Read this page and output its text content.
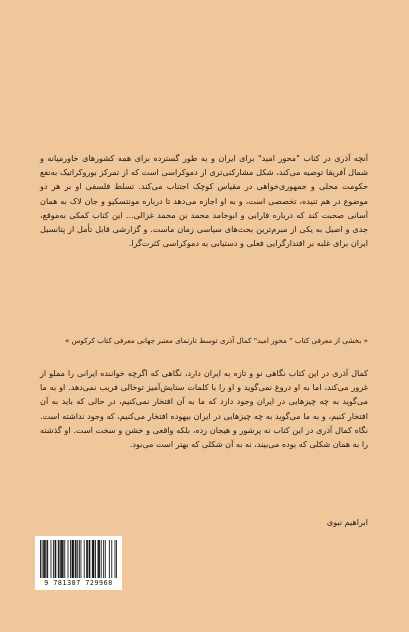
آنچه آذری در کتاب "محور امید" برای ایران و به طور گسترده برای همه کشورهای خاورمیانه و شمال آفریقا توصیه می‌کند، شکل مشارکتی‌تری از دموکراسی است که از تمرکز بوروکراتیک به‌نفع حکومت محلی و جمهوری‌خواهی در مقیاس کوچک اجتناب می‌کند. تسلط فلسفی او بر هر دو موضوع در هم تنیده، تخصصی است، و به او اجازه می‌دهد تا درباره مونتسکیو و جان لاک به همان آسانی صحبت کند که درباره فارابی و ابوحامد محمد بن محمد غزالی... این کتاب کمکی به‌موقع، جدی و اصیل به یکی از مبرم‌ترین بحث‌های سیاسی زمان ماست. و گزارشی قابل تأمل از پتانسیل ایران برای غلبه بر اقتدارگرایی فعلی و دستیابی به دموکراسی کثرت‌گرا.

« بخشی از معرفی کتاب " محور امید" کمال آذری توسط تارنمای معتبر جهانی معرفی کتاب کرکوس »

کمال آذری در این کتاب نگاهی نو و تازه به ایران دارد، نگاهی که اگرچه خواننده ایرانی را مملو از غرور می‌کند، اما به او دروغ نمی‌گوید و او را با کلمات ستایش‌آمیز توخالی فریب نمی‌دهد. او به ما می‌گوید به چه چیزهایی در ایران وجود دارد که ما به آن افتخار نمی‌کنیم، در حالی که باید به آن افتخار کنیم، و به ما می‌گوید به چه چیزهایی در ایران بیهوده افتخار می‌کنیم، که وجود نداشته است. نگاه کمال آذری در این کتاب نه پرشور و هیجان زده، بلکه واقعی و خشن و سخت است. او گذشته را به همان شکلی که بوده می‌بیند، نه به آن شکلی که بهتر است می‌بود.

ابراهیم نبوی

9 781387 729968
